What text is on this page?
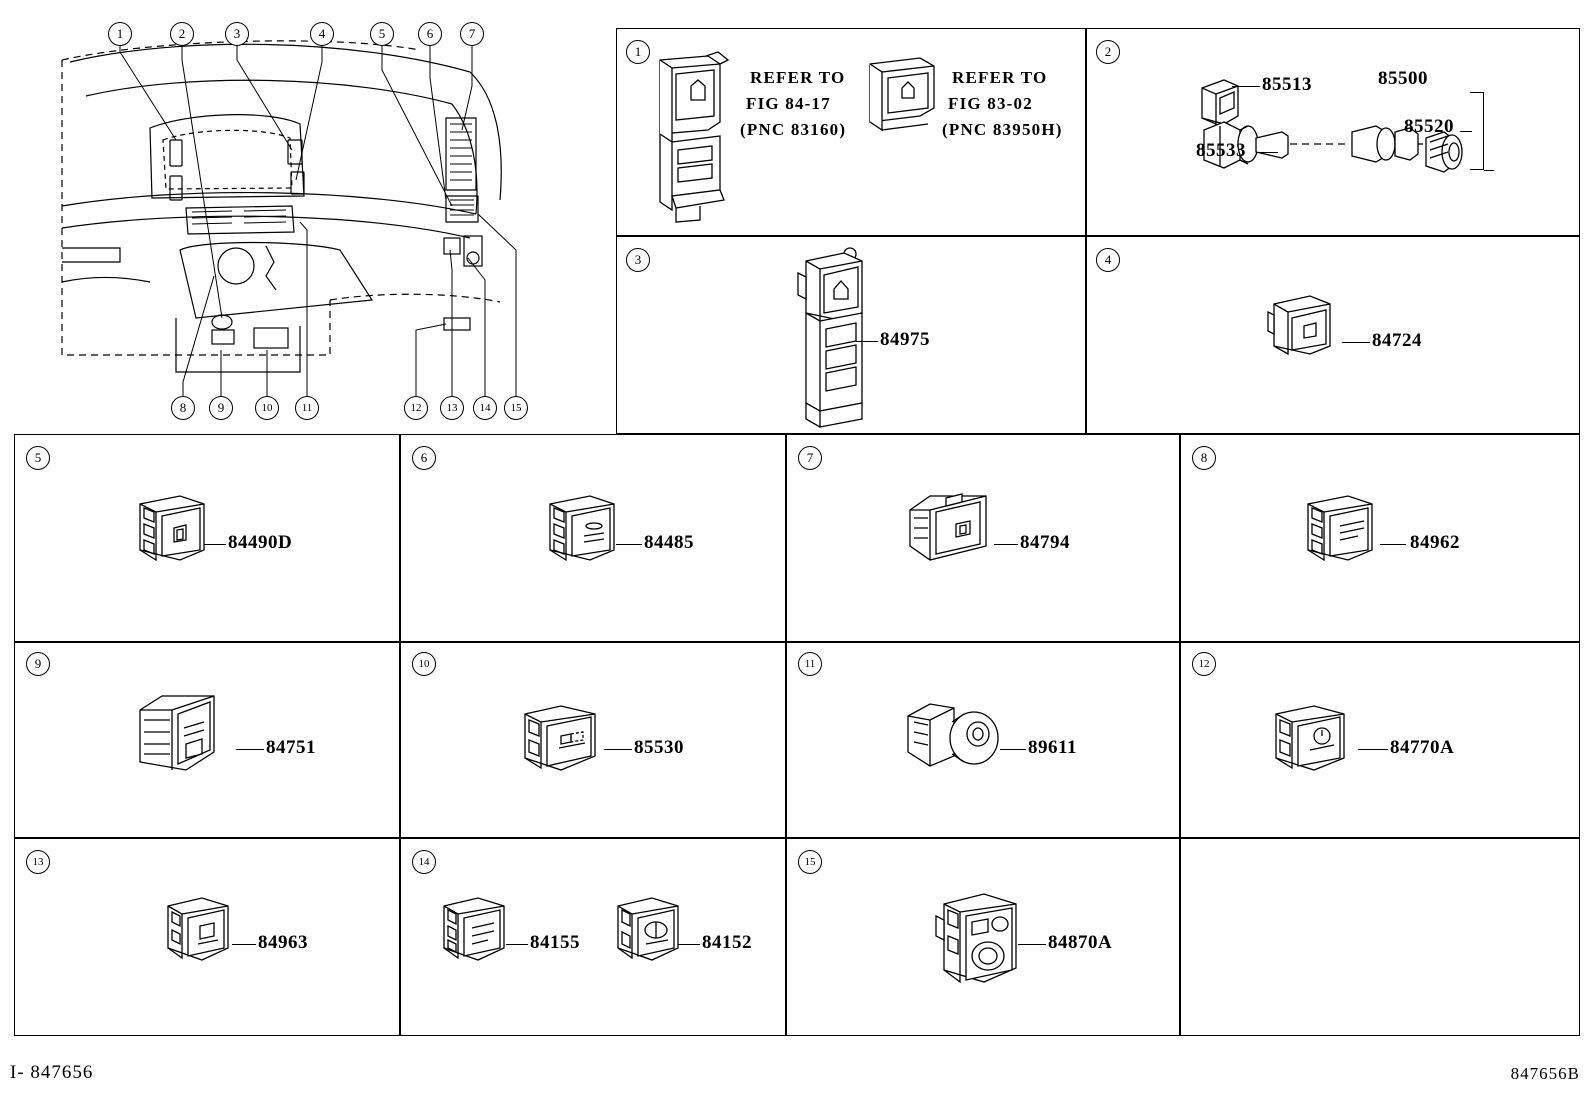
1	2	3	4	5	6	7
8	9	10	11	12	13	14	15
1
REFER TO
FIG 84-17
(PNC 83160)
REFER TO
FIG 83-02
(PNC 83950H)
2
85513
85533
85500
85520
3
84975
4
84724
5	6	7	8
84490D	84485	84794	84962
9	10	11	12
84751	85530	89611	84770A
13	14	15
84963	84155	84152	84870A
I- 847656	847656B
